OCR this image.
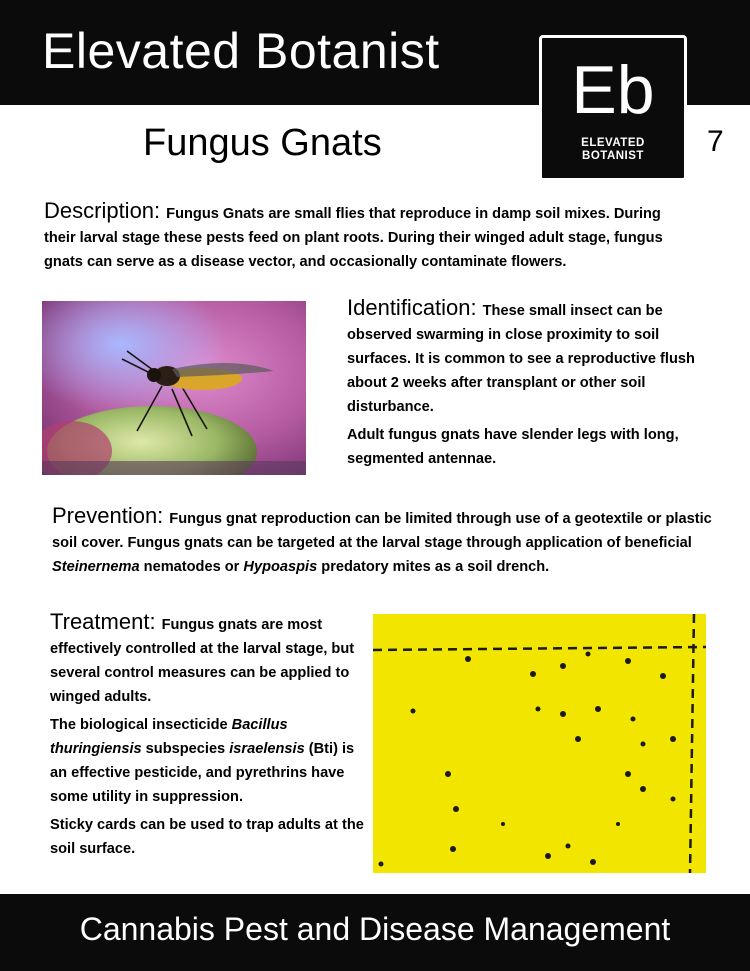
Elevated Botanist
Eb
ELEVATED
BOTANIST
Fungus Gnats	7

Description: Fungus Gnats are small flies that reproduce in damp soil mixes. During their larval stage these pests feed on plant roots. During their winged adult stage, fungus gnats can serve as a disease vector, and occasionally contaminate flowers.

Identification: These small insect can be observed swarming in close proximity to soil surfaces. It is common to see a reproductive flush about 2 weeks after transplant or other soil disturbance.

Adult fungus gnats have slender legs with long, segmented antennae.

Prevention: Fungus gnat reproduction can be limited through use of a geotextile or plastic soil cover. Fungus gnats can be targeted at the larval stage through application of beneficial Steinernema nematodes or Hypoaspis predatory mites as a soil drench.

Treatment: Fungus gnats are most effectively controlled at the larval stage, but several control measures can be applied to winged adults.

The biological insecticide Bacillus thuringiensis subspecies israelensis (Bti) is an effective pesticide, and pyrethrins have some utility in suppression.

Sticky cards can be used to trap adults at the soil surface.

Cannabis Pest and Disease Management
